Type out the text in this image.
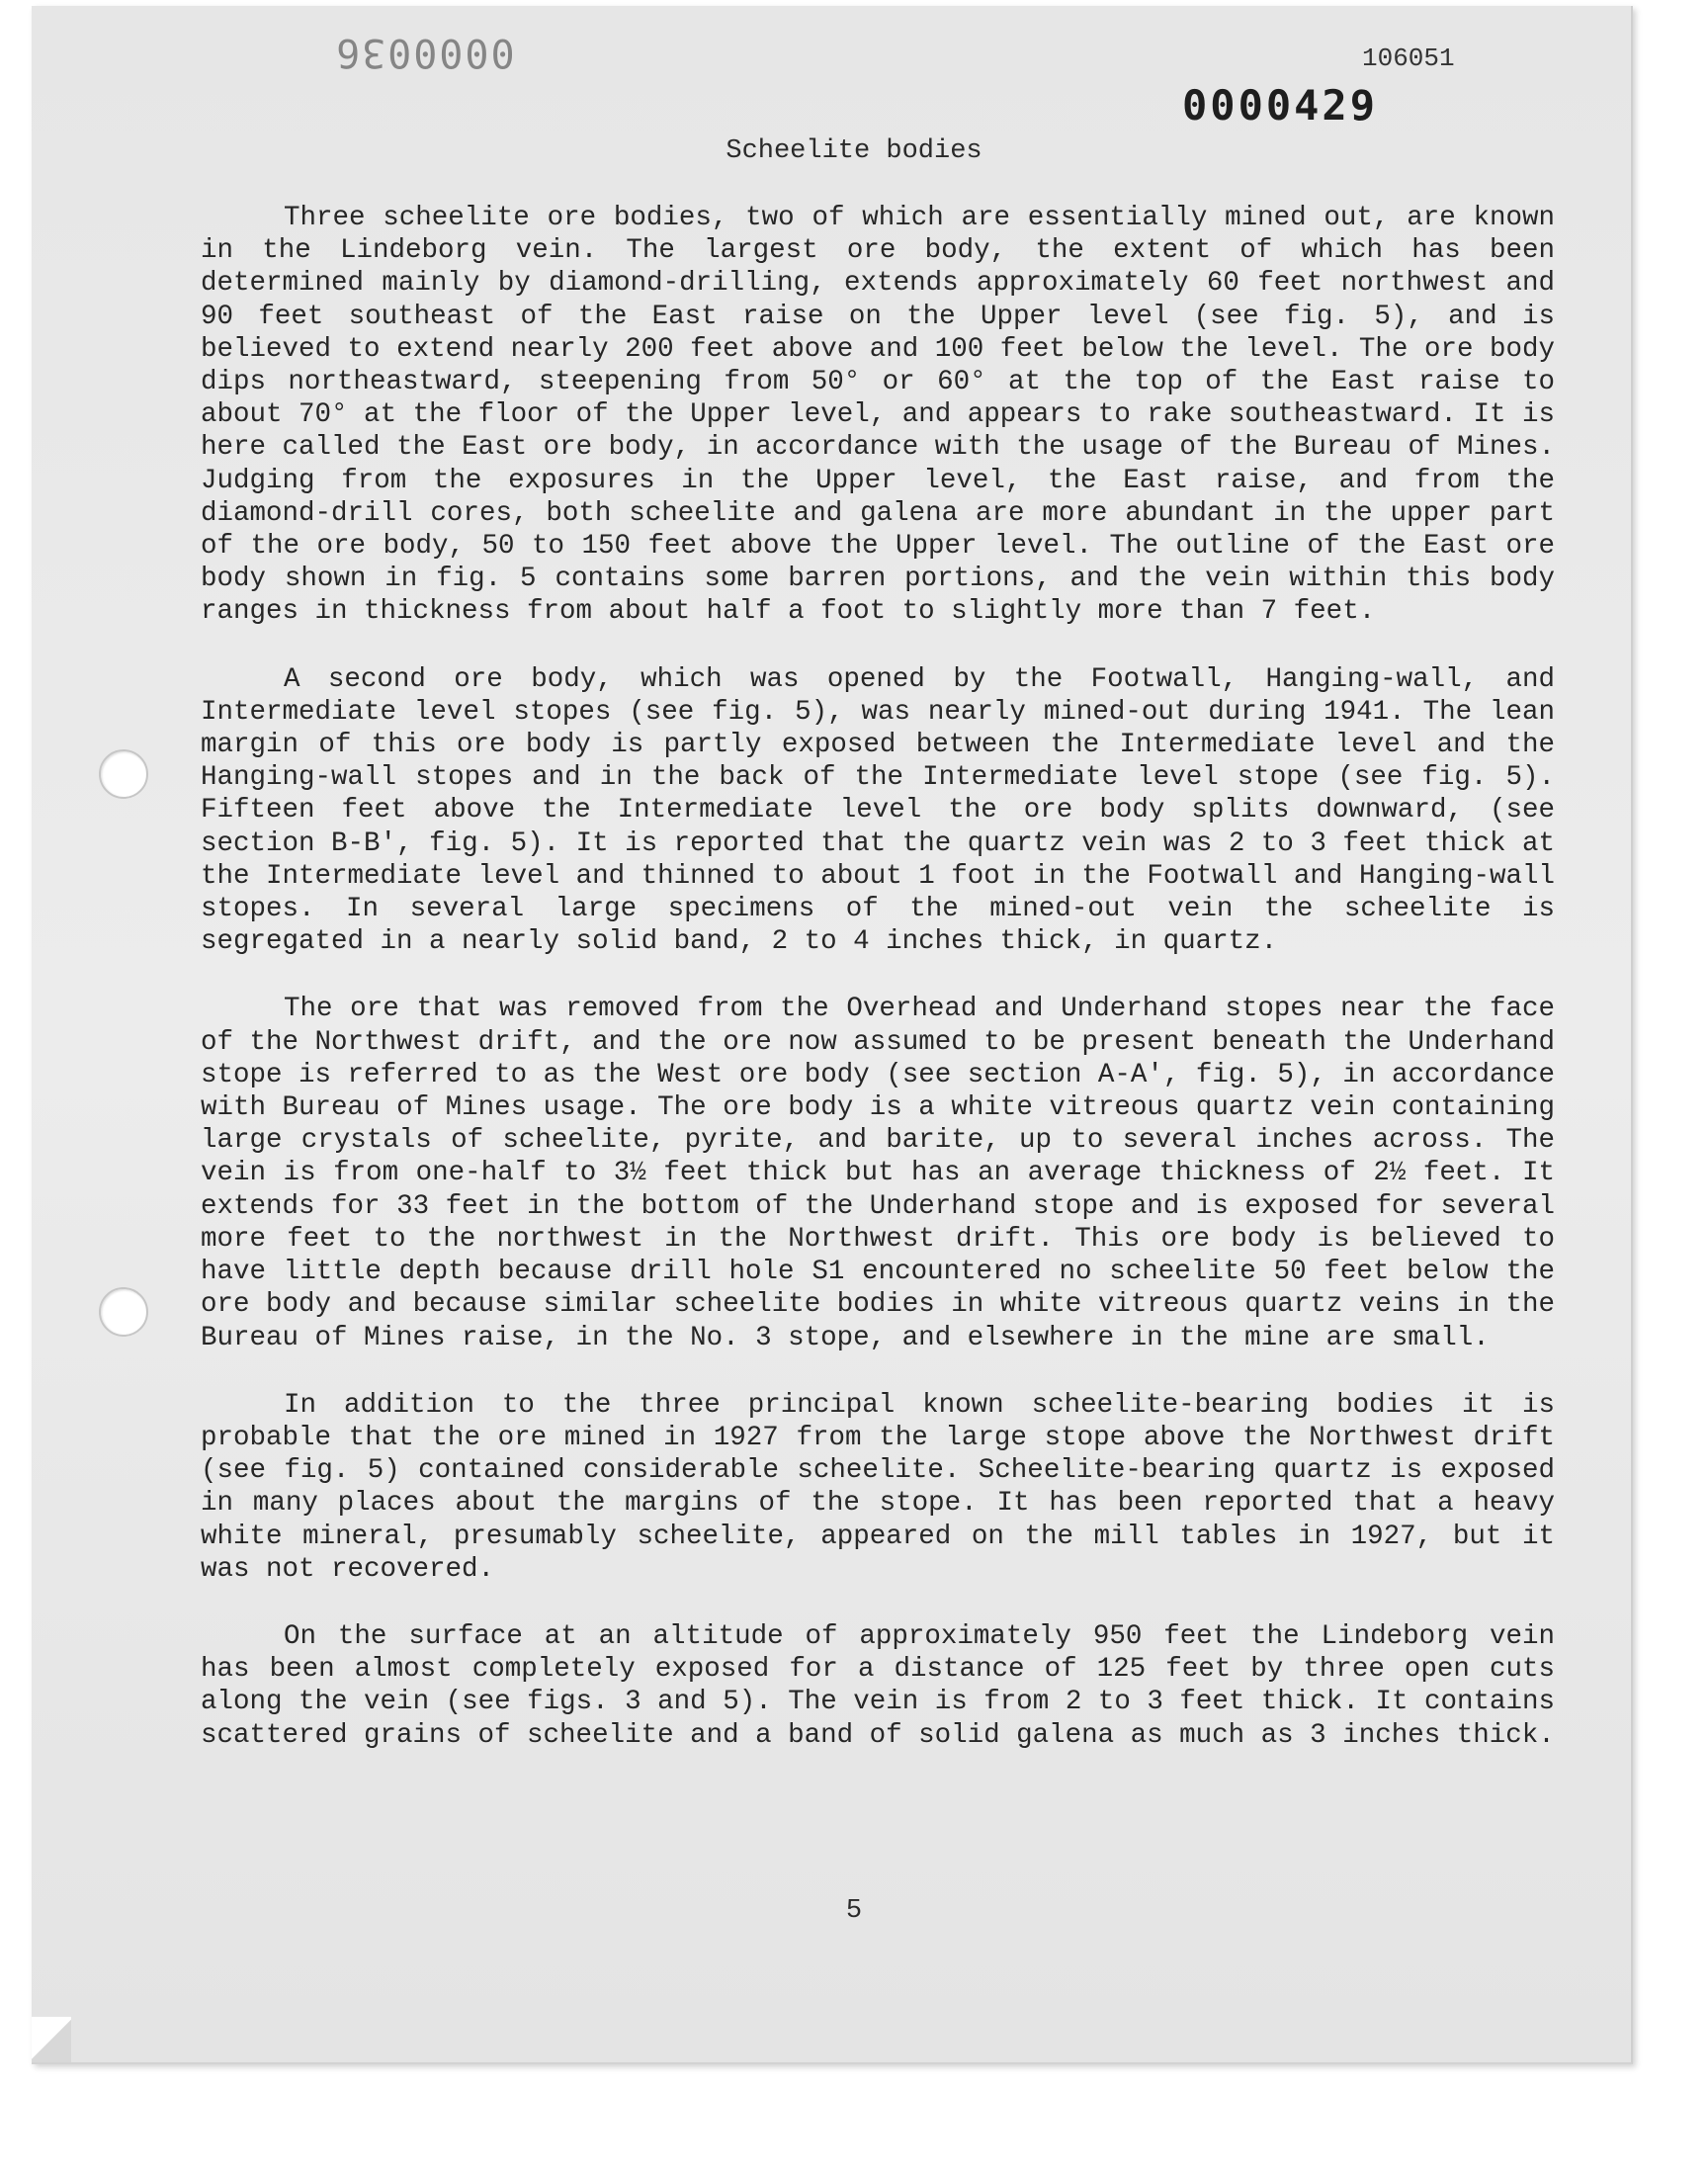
0000036	106051
0000429
Scheelite bodies

Three scheelite ore bodies, two of which are essentially mined out, are known in the Lindeborg vein. The largest ore body, the extent of which has been determined mainly by diamond-drilling, extends approximately 60 feet northwest and 90 feet southeast of the East raise on the Upper level (see fig. 5), and is believed to extend nearly 200 feet above and 100 feet below the level. The ore body dips northeastward, steepening from 50° or 60° at the top of the East raise to about 70° at the floor of the Upper level, and appears to rake southeastward. It is here called the East ore body, in accordance with the usage of the Bureau of Mines. Judging from the exposures in the Upper level, the East raise, and from the diamond-drill cores, both scheelite and galena are more abundant in the upper part of the ore body, 50 to 150 feet above the Upper level. The outline of the East ore body shown in fig. 5 contains some barren portions, and the vein within this body ranges in thickness from about half a foot to slightly more than 7 feet.

A second ore body, which was opened by the Footwall, Hanging-wall, and Intermediate level stopes (see fig. 5), was nearly mined-out during 1941. The lean margin of this ore body is partly exposed between the Intermediate level and the Hanging-wall stopes and in the back of the Intermediate level stope (see fig. 5). Fifteen feet above the Intermediate level the ore body splits downward, (see section B-B', fig. 5). It is reported that the quartz vein was 2 to 3 feet thick at the Intermediate level and thinned to about 1 foot in the Footwall and Hanging-wall stopes. In several large specimens of the mined-out vein the scheelite is segregated in a nearly solid band, 2 to 4 inches thick, in quartz.

The ore that was removed from the Overhead and Underhand stopes near the face of the Northwest drift, and the ore now assumed to be present beneath the Underhand stope is referred to as the West ore body (see section A-A', fig. 5), in accordance with Bureau of Mines usage. The ore body is a white vitreous quartz vein containing large crystals of scheelite, pyrite, and barite, up to several inches across. The vein is from one-half to 3½ feet thick but has an average thickness of 2½ feet. It extends for 33 feet in the bottom of the Underhand stope and is exposed for several more feet to the northwest in the Northwest drift. This ore body is believed to have little depth because drill hole S1 encountered no scheelite 50 feet below the ore body and because similar scheelite bodies in white vitreous quartz veins in the Bureau of Mines raise, in the No. 3 stope, and elsewhere in the mine are small.

In addition to the three principal known scheelite-bearing bodies it is probable that the ore mined in 1927 from the large stope above the Northwest drift (see fig. 5) contained considerable scheelite. Scheelite-bearing quartz is exposed in many places about the margins of the stope. It has been reported that a heavy white mineral, presumably scheelite, appeared on the mill tables in 1927, but it was not recovered.

On the surface at an altitude of approximately 950 feet the Lindeborg vein has been almost completely exposed for a distance of 125 feet by three open cuts along the vein (see figs. 3 and 5). The vein is from 2 to 3 feet thick. It contains scattered grains of scheelite and a band of solid galena as much as 3 inches thick.

5
